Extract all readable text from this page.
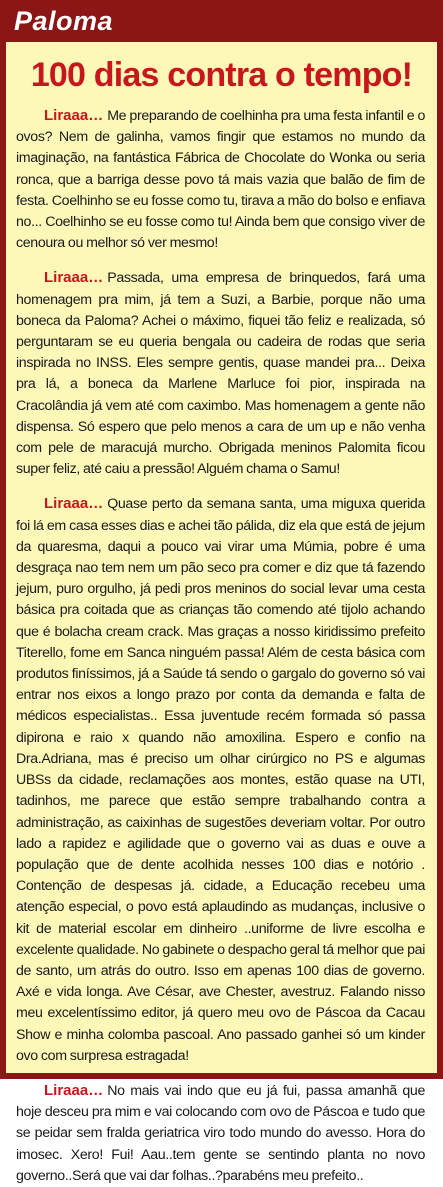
Paloma
100 dias contra o tempo!

Liraaa… Me preparando de coelhinha pra uma festa infantil e o ovos? Nem de galinha, vamos fingir que estamos no mundo da imaginação, na fantástica Fábrica de Chocolate do Wonka ou seria ronca, que a barriga desse povo tá mais vazia que balão de fim de festa. Coelhinho se eu fosse como tu, tirava a mão do bolso e enfiava no... Coelhinho se eu fosse como tu! Ainda bem que consigo viver de cenoura ou melhor só ver mesmo!

Liraaa… Passada, uma empresa de brinquedos, fará uma homenagem pra mim, já tem a Suzi, a Barbie, porque não uma boneca da Paloma? Achei o máximo, fiquei tão feliz e realizada, só perguntaram se eu queria bengala ou cadeira de rodas que seria inspirada no INSS. Eles sempre gentis, quase mandei pra... Deixa pra lá, a boneca da Marlene Marluce foi pior, inspirada na Cracolândia já vem até com caximbo. Mas homenagem a gente não dispensa. Só espero que pelo menos a cara de um up e não venha com pele de maracujá murcho. Obrigada meninos Palomita ficou super feliz, até caiu a pressão! Alguém chama o Samu!

Liraaa… Quase perto da semana santa, uma miguxa querida foi lá em casa esses dias e achei tão pálida, diz ela que está de jejum da quaresma, daqui a pouco vai virar uma Múmia, pobre é uma desgraça nao tem nem um pão seco pra comer e diz que tá fazendo jejum, puro orgulho, já pedi pros meninos do social levar uma cesta básica pra coitada que as crianças tão comendo até tijolo achando que é bolacha cream crack. Mas graças a nosso kiridissimo prefeito Titerello, fome em Sanca ninguém passa! Além de cesta básica com produtos finíssimos, já a Saúde tá sendo o gargalo do governo só vai entrar nos eixos a longo prazo por conta da demanda e falta de médicos especialistas.. Essa juventude recém formada só passa dipirona e raio x quando não amoxilina. Espero e confio na Dra.Adriana, mas é preciso um olhar cirúrgico no PS e algumas UBSs da cidade, reclamações aos montes, estão quase na UTI, tadinhos, me parece que estão sempre trabalhando contra a administração, as caixinhas de sugestões deveriam voltar. Por outro lado a rapidez e agilidade que o governo vai as duas e ouve a população que de dente acolhida nesses 100 dias e notório . Contenção de despesas já. cidade, a Educação recebeu uma atenção especial, o povo está aplaudindo as mudanças, inclusive o kit de material escolar em dinheiro ..uniforme de livre escolha e excelente qualidade. No gabinete o despacho geral tá melhor que pai de santo, um atrás do outro. Isso em apenas 100 dias de governo. Axé e vida longa. Ave César, ave Chester, avestruz. Falando nisso meu excelentíssimo editor, já quero meu ovo de Páscoa da Cacau Show e minha colomba pascoal. Ano passado ganhei só um kinder ovo com surpresa estragada!

Liraaa… No mais vai indo que eu já fui, passa amanhã que hoje desceu pra mim e vai colocando com ovo de Páscoa e tudo que se peidar sem fralda geriatrica viro todo mundo do avesso. Hora do imosec. Xero! Fui! Aau..tem gente se sentindo planta no novo governo..Será que vai dar folhas..?parabéns meu prefeito..
